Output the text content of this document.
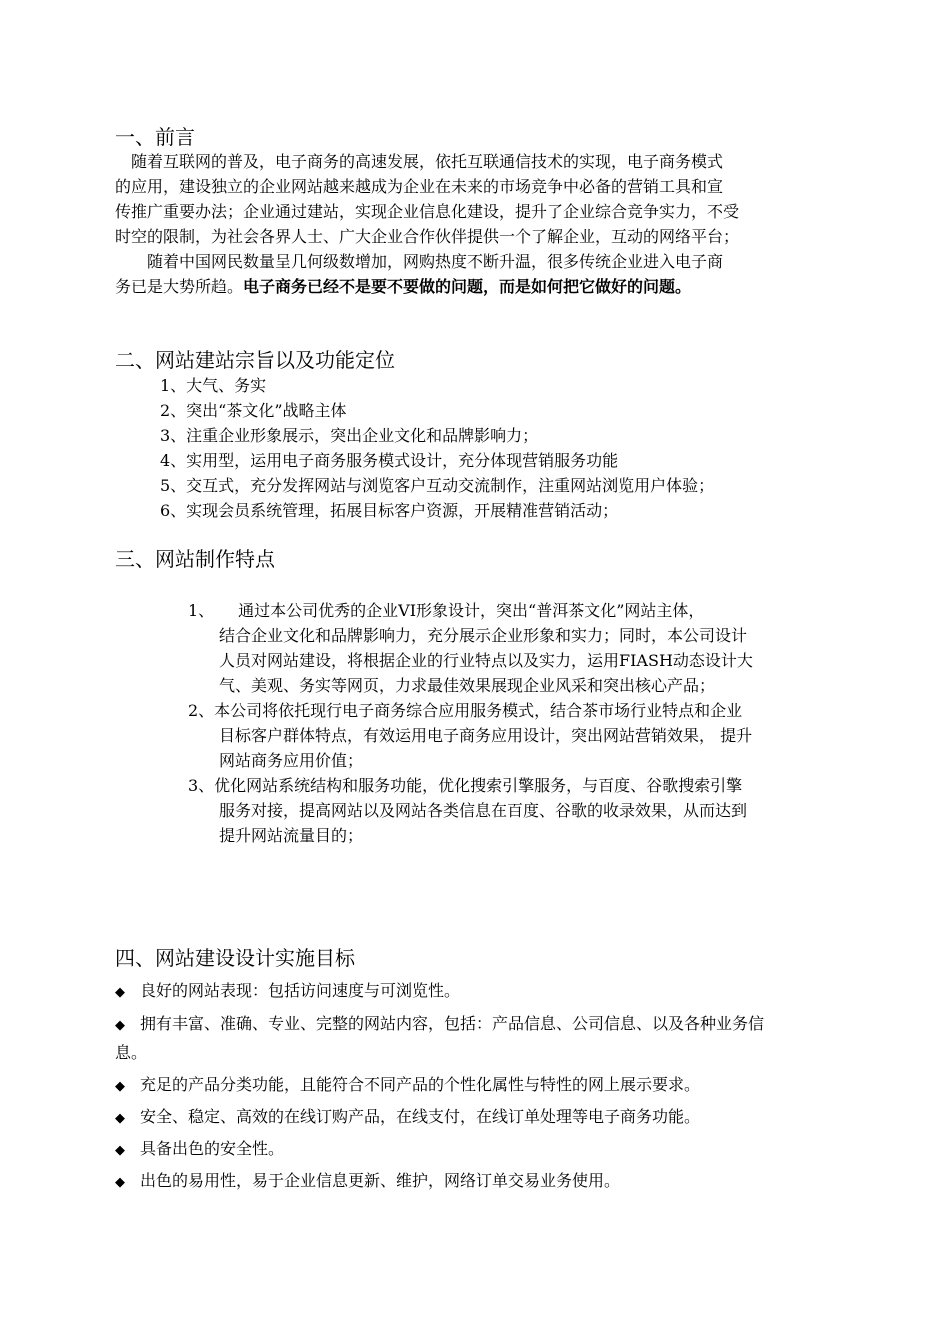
一、前言
　随着互联网的普及，电子商务的高速发展，依托互联通信技术的实现，电子商务模式
的应用，建设独立的企业网站越来越成为企业在未来的市场竞争中必备的营销工具和宣
传推广重要办法；企业通过建站，实现企业信息化建设，提升了企业综合竞争实力，不受
时空的限制，为社会各界人士、广大企业合作伙伴提供一个了解企业，互动的网络平台；
　　随着中国网民数量呈几何级数增加，网购热度不断升温，很多传统企业进入电子商
务已是大势所趋。电子商务已经不是要不要做的问题，而是如何把它做好的问题。
二、网站建站宗旨以及功能定位
1、大气、务实
2、突出“茶文化”战略主体
3、注重企业形象展示，突出企业文化和品牌影响力；
4、实用型，运用电子商务服务模式设计，充分体现营销服务功能
5、交互式，充分发挥网站与浏览客户互动交流制作，注重网站浏览用户体验；
6、实现会员系统管理，拓展目标客户资源，开展精准营销活动；
三、网站制作特点
1、　　通过本公司优秀的企业VI形象设计，突出“普洱茶文化”网站主体，
结合企业文化和品牌影响力，充分展示企业形象和实力；同时，本公司设计
人员对网站建设，将根据企业的行业特点以及实力，运用FIASH动态设计大
气、美观、务实等网页，力求最佳效果展现企业风采和突出核心产品；
2、本公司将依托现行电子商务综合应用服务模式，结合茶市场行业特点和企业
目标客户群体特点，有效运用电子商务应用设计，突出网站营销效果， 提升
网站商务应用价值；
3、优化网站系统结构和服务功能，优化搜索引擎服务，与百度、谷歌搜索引擎
服务对接，提高网站以及网站各类信息在百度、谷歌的收录效果，从而达到
提升网站流量目的；
四、网站建设设计实施目标
◆ 良好的网站表现：包括访问速度与可浏览性。
◆ 拥有丰富、准确、专业、完整的网站内容，包括：产品信息、公司信息、以及各种业务信
息。
◆ 充足的产品分类功能，且能符合不同产品的个性化属性与特性的网上展示要求。
◆ 安全、稳定、高效的在线订购产品，在线支付，在线订单处理等电子商务功能。
◆ 具备出色的安全性。
◆ 出色的易用性，易于企业信息更新、维护，网络订单交易业务使用。
